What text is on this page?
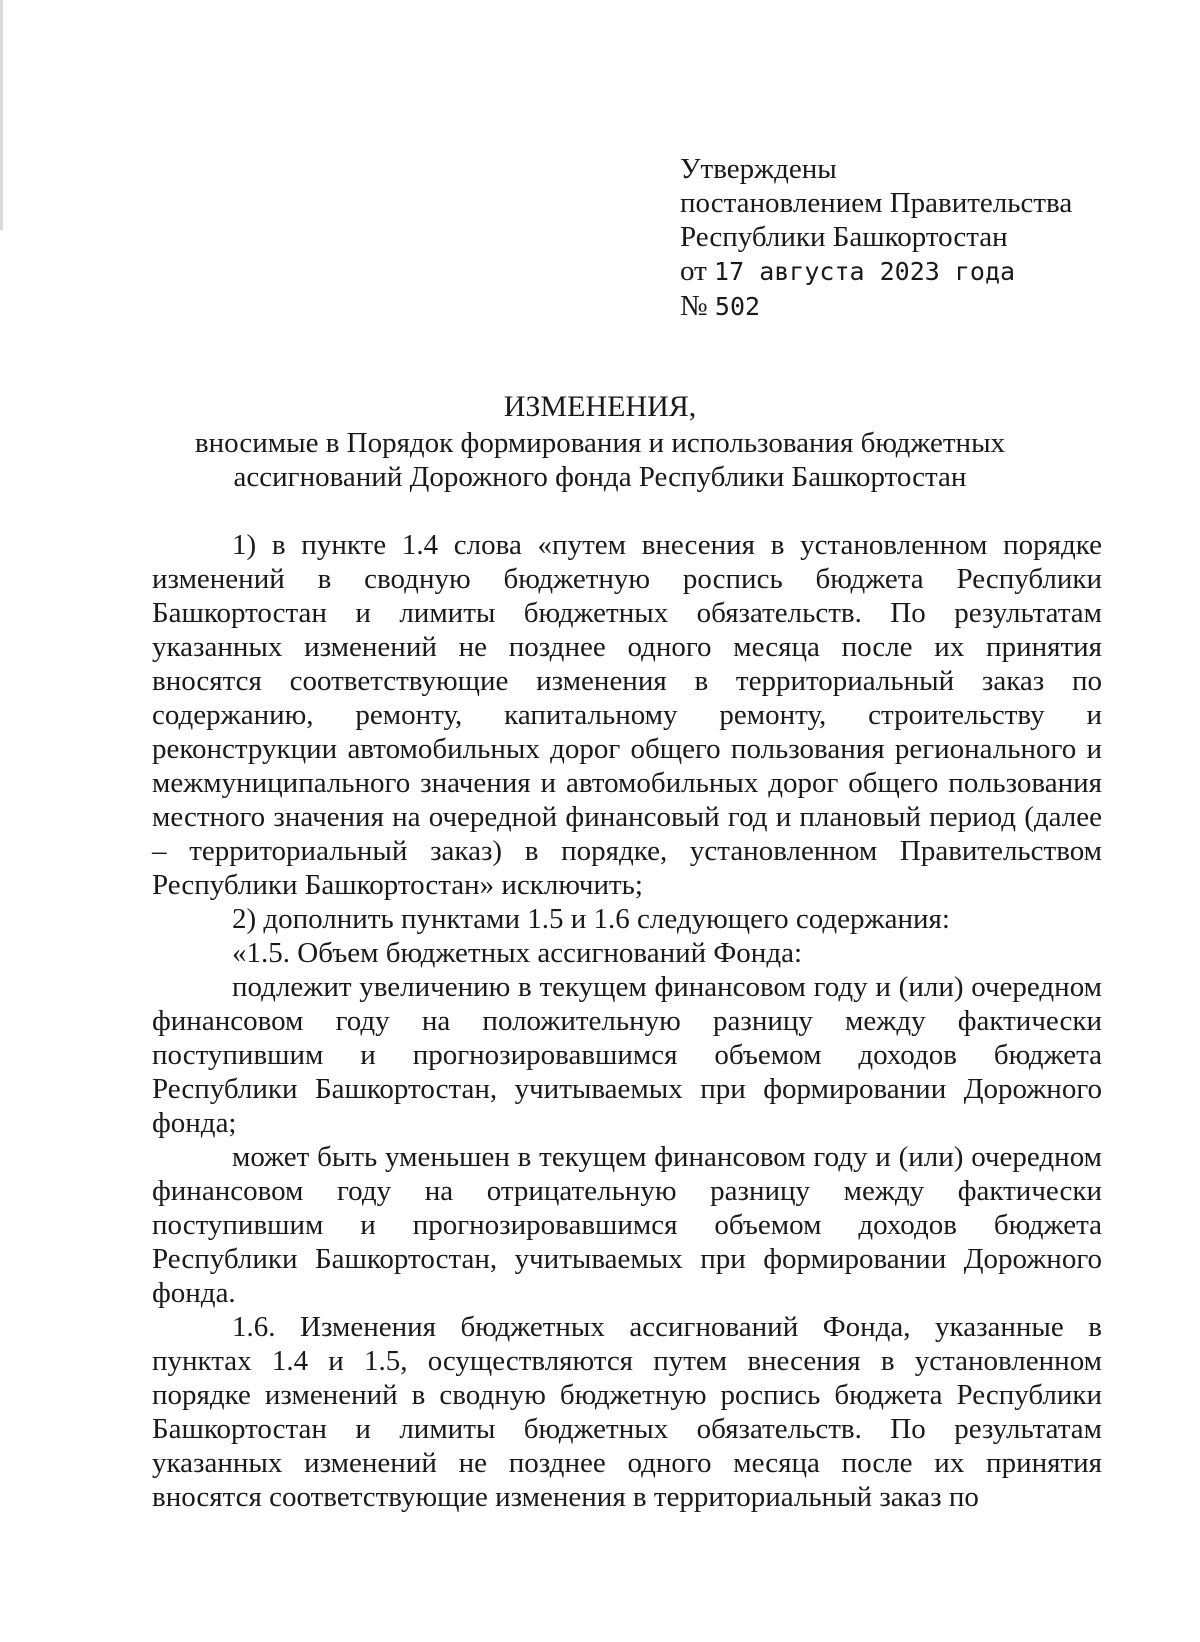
Утверждены
постановлением Правительства
Республики Башкортостан
от 17 августа 2023 года
№ 502
ИЗМЕНЕНИЯ,
вносимые в Порядок формирования и использования бюджетных
ассигнований Дорожного фонда Республики Башкортостан

1) в пункте 1.4 слова «путем внесения в установленном порядке изменений в сводную бюджетную роспись бюджета Республики Башкортостан и лимиты бюджетных обязательств. По результатам указанных изменений не позднее одного месяца после их принятия вносятся соответствующие изменения в территориальный заказ по содержанию, ремонту, капитальному ремонту, строительству и реконструкции автомобильных дорог общего пользования регионального и межмуниципального значения и автомобильных дорог общего пользования местного значения на очередной финансовый год и плановый период (далее – территориальный заказ) в порядке, установленном Правительством Республики Башкортостан» исключить;

2) дополнить пунктами 1.5 и 1.6 следующего содержания:

«1.5. Объем бюджетных ассигнований Фонда:

подлежит увеличению в текущем финансовом году и (или) очередном финансовом году на положительную разницу между фактически поступившим и прогнозировавшимся объемом доходов бюджета Республики Башкортостан, учитываемых при формировании Дорожного фонда;

может быть уменьшен в текущем финансовом году и (или) очередном финансовом году на отрицательную разницу между фактически поступившим и прогнозировавшимся объемом доходов бюджета Республики Башкортостан, учитываемых при формировании Дорожного фонда.

1.6. Изменения бюджетных ассигнований Фонда, указанные в пунктах 1.4 и 1.5, осуществляются путем внесения в установленном порядке изменений в сводную бюджетную роспись бюджета Республики Башкортостан и лимиты бюджетных обязательств. По результатам указанных изменений не позднее одного месяца после их принятия вносятся соответствующие изменения в территориальный заказ по
